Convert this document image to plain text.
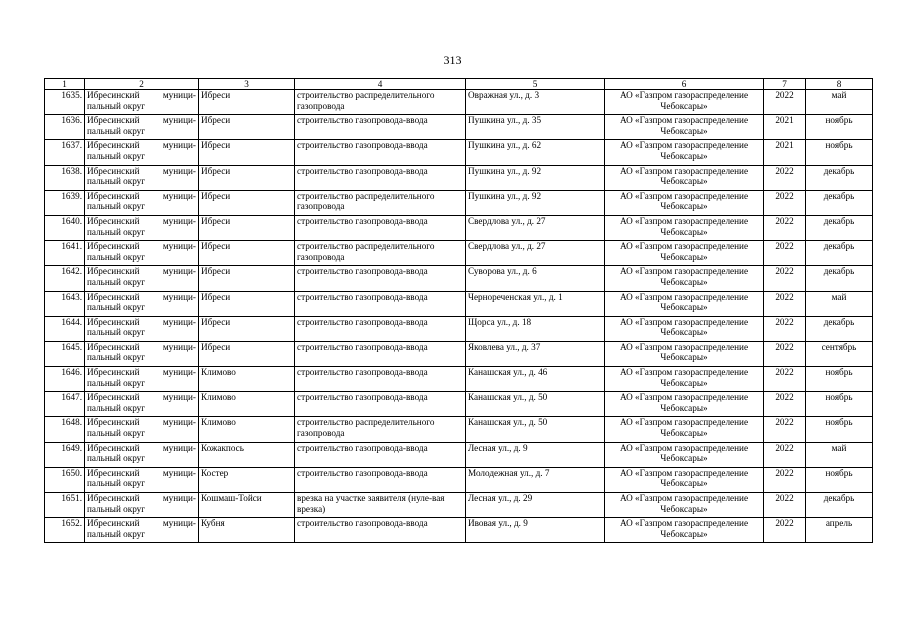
313
1	2	3	4	5	6	7	8
1635.	Ибресинский муници-пальный округ	Ибреси	строительство распределительного газопровода	Овражная ул., д. 3	АО «Газпром газораспределение Чебоксары»	2022	май
1636.	Ибресинский муници-пальный округ	Ибреси	строительство газопровода-ввода	Пушкина ул., д. 35	АО «Газпром газораспределение Чебоксары»	2021	ноябрь
1637.	Ибресинский муници-пальный округ	Ибреси	строительство газопровода-ввода	Пушкина ул., д. 62	АО «Газпром газораспределение Чебоксары»	2021	ноябрь
1638.	Ибресинский муници-пальный округ	Ибреси	строительство газопровода-ввода	Пушкина ул., д. 92	АО «Газпром газораспределение Чебоксары»	2022	декабрь
1639.	Ибресинский муници-пальный округ	Ибреси	строительство распределительного газопровода	Пушкина ул., д. 92	АО «Газпром газораспределение Чебоксары»	2022	декабрь
1640.	Ибресинский муници-пальный округ	Ибреси	строительство газопровода-ввода	Свердлова ул., д. 27	АО «Газпром газораспределение Чебоксары»	2022	декабрь
1641.	Ибресинский муници-пальный округ	Ибреси	строительство распределительного газопровода	Свердлова ул., д. 27	АО «Газпром газораспределение Чебоксары»	2022	декабрь
1642.	Ибресинский муници-пальный округ	Ибреси	строительство газопровода-ввода	Суворова ул., д. 6	АО «Газпром газораспределение Чебоксары»	2022	декабрь
1643.	Ибресинский муници-пальный округ	Ибреси	строительство газопровода-ввода	Чернореченская ул., д. 1	АО «Газпром газораспределение Чебоксары»	2022	май
1644.	Ибресинский муници-пальный округ	Ибреси	строительство газопровода-ввода	Щорса ул., д. 18	АО «Газпром газораспределение Чебоксары»	2022	декабрь
1645.	Ибресинский муници-пальный округ	Ибреси	строительство газопровода-ввода	Яковлева ул., д. 37	АО «Газпром газораспределение Чебоксары»	2022	сентябрь
1646.	Ибресинский муници-пальный округ	Климово	строительство газопровода-ввода	Канашская ул., д. 46	АО «Газпром газораспределение Чебоксары»	2022	ноябрь
1647.	Ибресинский муници-пальный округ	Климово	строительство газопровода-ввода	Канашская ул., д. 50	АО «Газпром газораспределение Чебоксары»	2022	ноябрь
1648.	Ибресинский муници-пальный округ	Климово	строительство распределительного газопровода	Канашская ул., д. 50	АО «Газпром газораспределение Чебоксары»	2022	ноябрь
1649.	Ибресинский муници-пальный округ	Кожакпось	строительство газопровода-ввода	Лесная ул., д. 9	АО «Газпром газораспределение Чебоксары»	2022	май
1650.	Ибресинский муници-пальный округ	Костер	строительство газопровода-ввода	Молодежная ул., д. 7	АО «Газпром газораспределение Чебоксары»	2022	ноябрь
1651.	Ибресинский муници-пальный округ	Кошмаш-Тойси	врезка на участке заявителя (нуле-вая врезка)	Лесная ул., д. 29	АО «Газпром газораспределение Чебоксары»	2022	декабрь
1652.	Ибресинский муници-пальный округ	Кубня	строительство газопровода-ввода	Ивовая ул., д. 9	АО «Газпром газораспределение Чебоксары»	2022	апрель
